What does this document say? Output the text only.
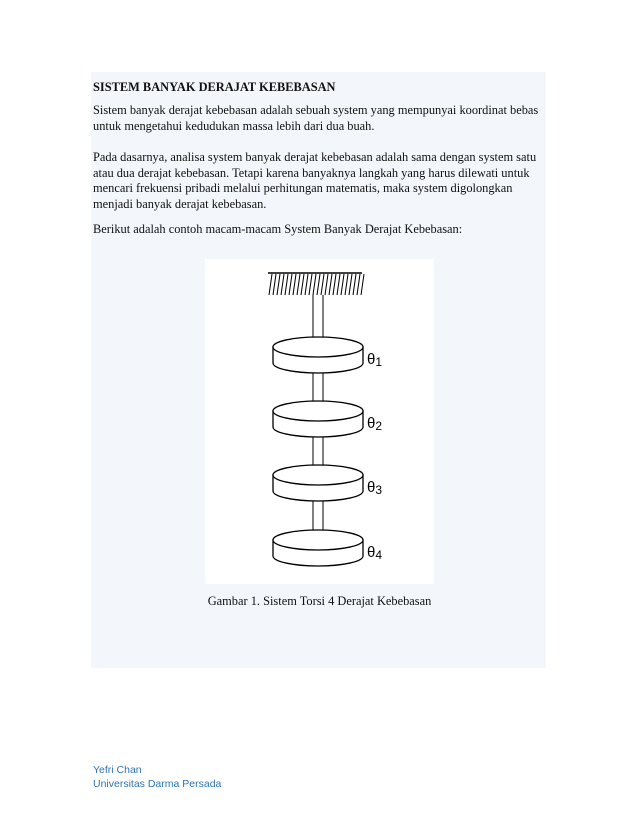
SISTEM BANYAK DERAJAT KEBEBASAN
Sistem banyak derajat kebebasan adalah sebuah system yang mempunyai koordinat bebas untuk mengetahui kedudukan massa lebih dari dua buah.
Pada dasarnya, analisa system banyak derajat kebebasan adalah sama dengan system satu atau dua derajat kebebasan. Tetapi karena banyaknya langkah yang harus dilewati untuk mencari frekuensi pribadi melalui perhitungan matematis, maka system digolongkan menjadi banyak derajat kebebasan.
Berikut adalah contoh macam-macam System Banyak Derajat Kebebasan:
θ1
θ2
θ3
θ4
Gambar 1. Sistem Torsi 4 Derajat Kebebasan
Yefri Chan
Universitas Darma Persada
